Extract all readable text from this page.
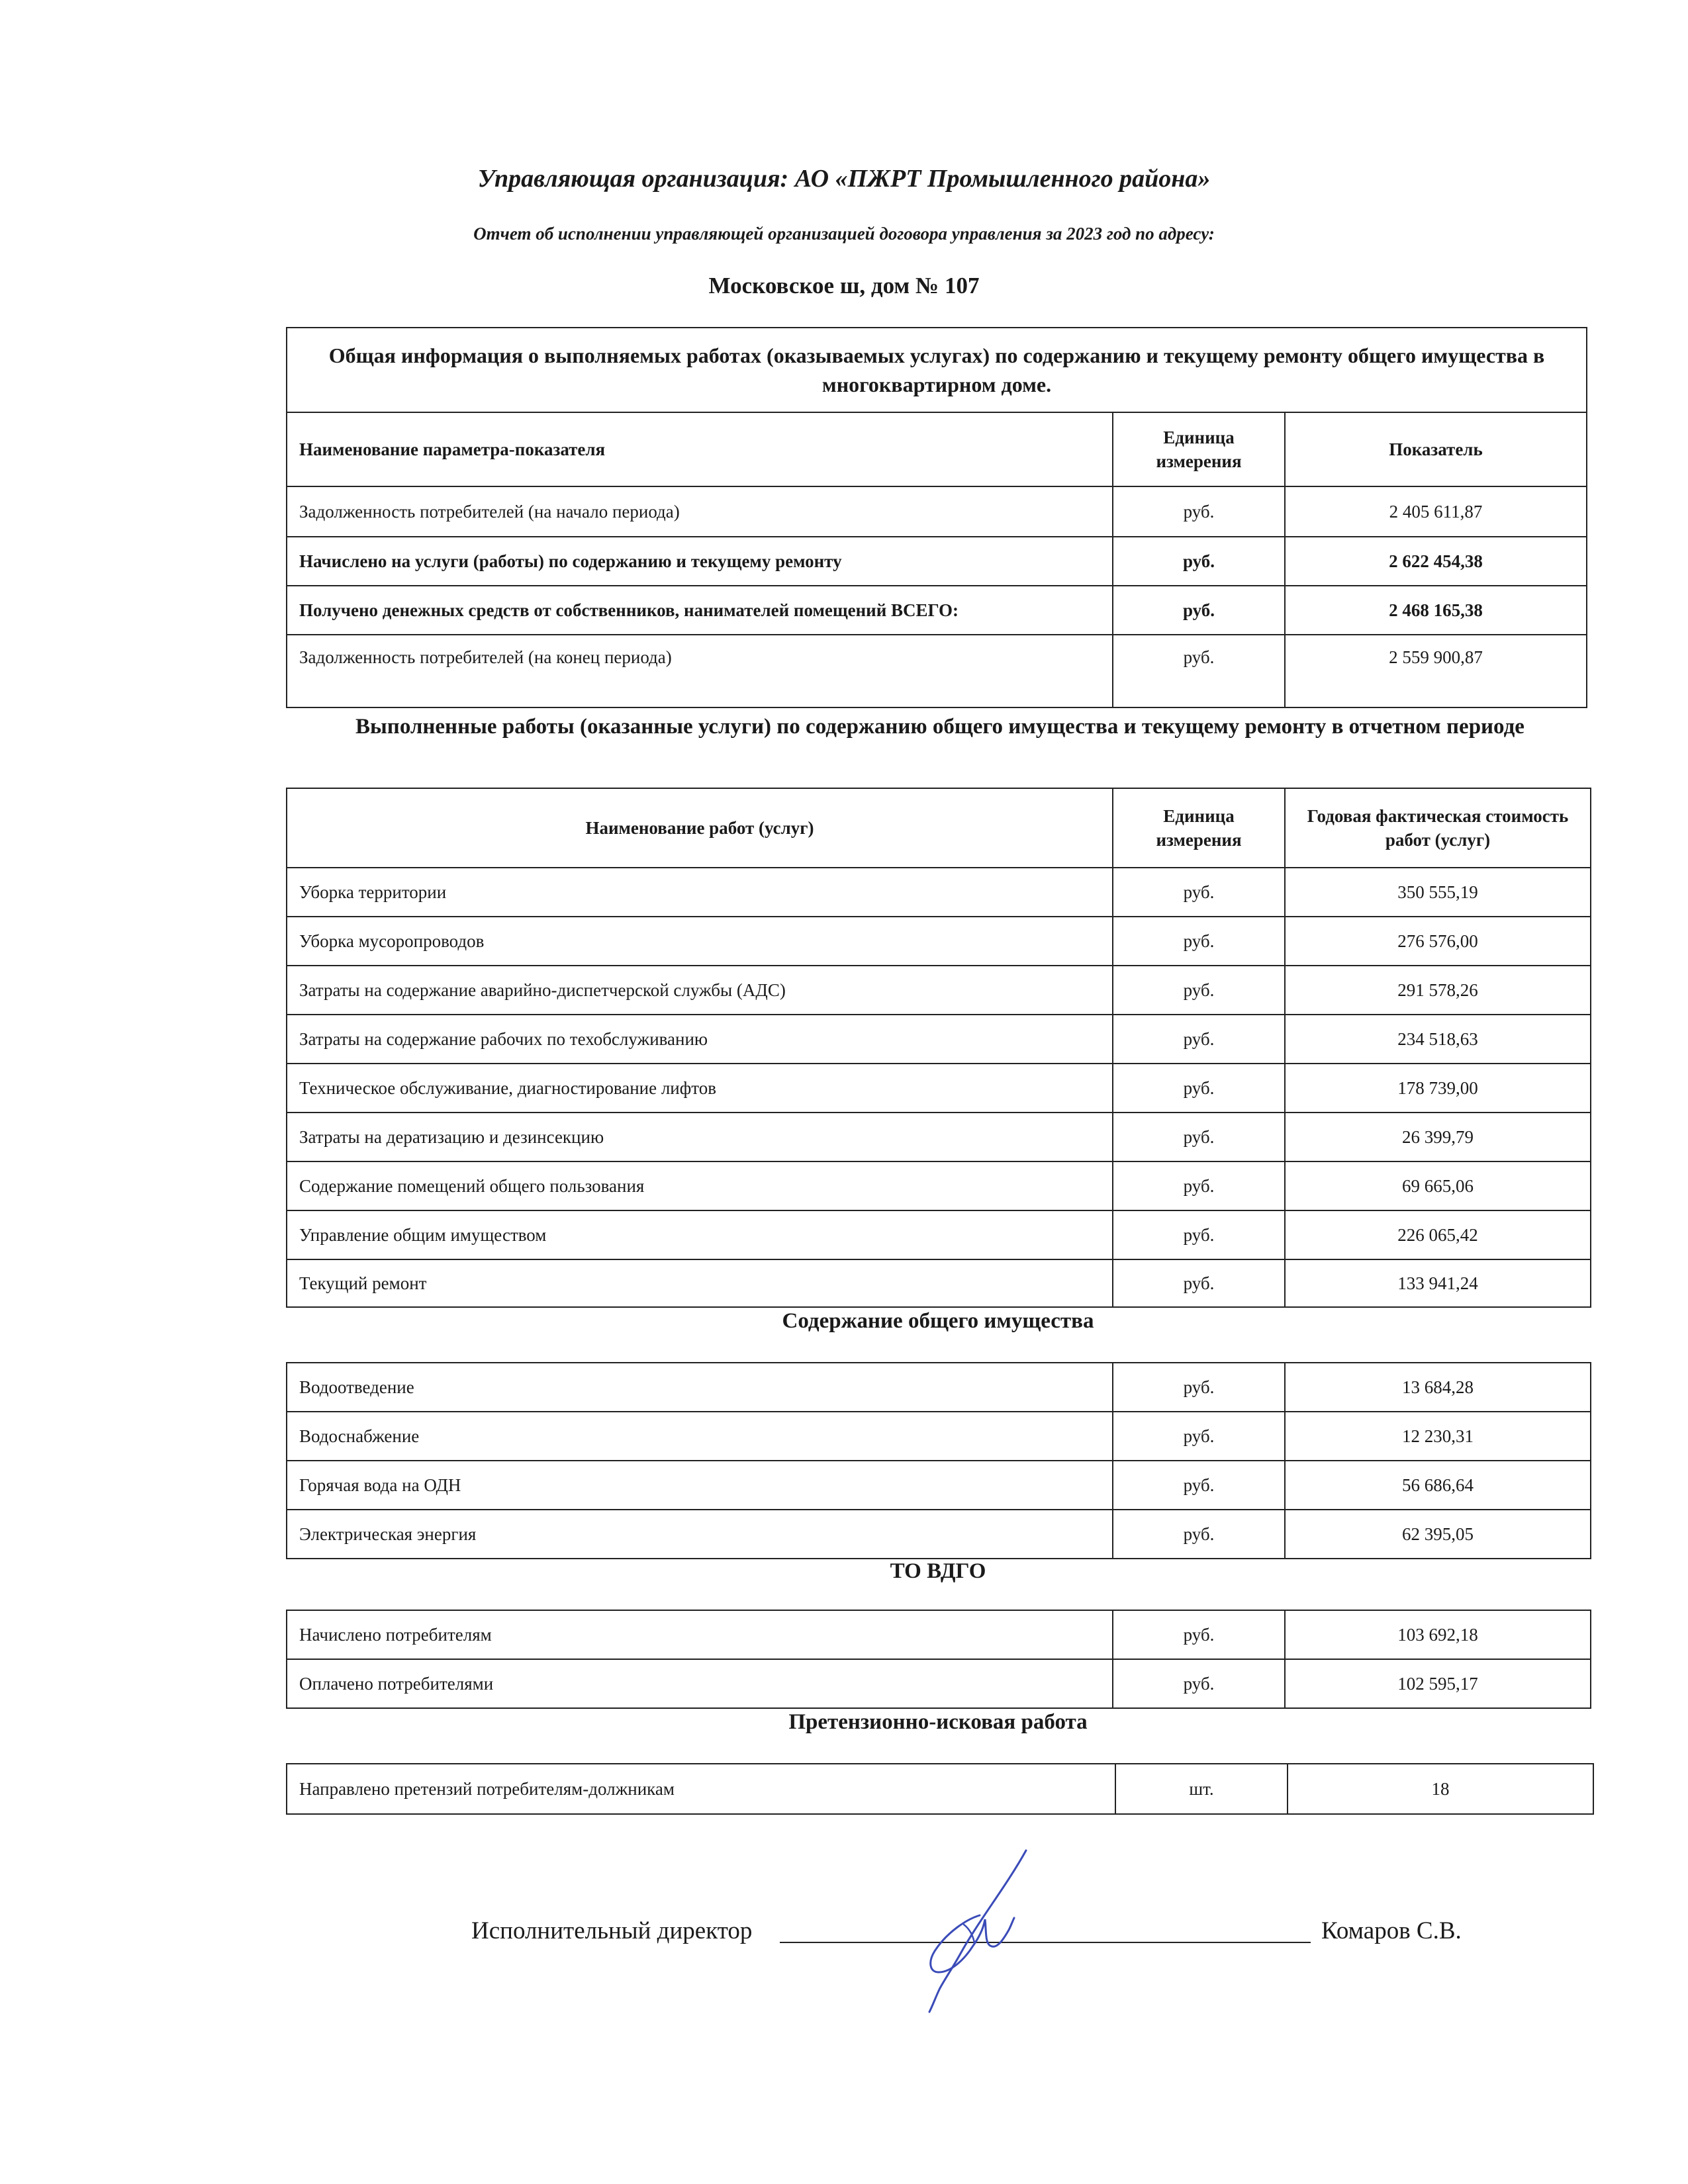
Управляющая организация: АО «ПЖРТ Промышленного района»
Отчет об исполнении управляющей организацией договора управления за 2023 год по адресу:
Московское ш, дом № 107
Общая информация о выполняемых работах (оказываемых услугах) по содержанию и текущему ремонту общего имущества в многоквартирном доме.		
Наименование параметра-показателя	Единица измерения	Показатель
Задолженность потребителей (на начало периода)	руб.	2 405 611,87
Начислено на услуги (работы) по содержанию и текущему ремонту	руб.	2 622 454,38
Получено денежных средств от собственников, нанимателей помещений ВСЕГО:	руб.	2 468 165,38
Задолженность потребителей (на конец периода)	руб.	2 559 900,87
Выполненные работы (оказанные услуги) по содержанию общего имущества и текущему ремонту в отчетном периоде
Наименование работ (услуг)	Единица измерения	Годовая фактическая стоимость работ (услуг)
Уборка территории	руб.	350 555,19
Уборка мусоропроводов	руб.	276 576,00
Затраты на содержание аварийно-диспетчерской службы (АДС)	руб.	291 578,26
Затраты на содержание рабочих по техобслуживанию	руб.	234 518,63
Техническое обслуживание, диагностирование лифтов	руб.	178 739,00
Затраты на дератизацию и дезинсекцию	руб.	26 399,79
Содержание помещений общего пользования	руб.	69 665,06
Управление общим имуществом	руб.	226 065,42
Текущий ремонт	руб.	133 941,24
Содержание общего имущества
Водоотведение	руб.	13 684,28
Водоснабжение	руб.	12 230,31
Горячая вода на ОДН	руб.	56 686,64
Электрическая энергия	руб.	62 395,05
ТО ВДГО
Начислено потребителям	руб.	103 692,18
Оплачено потребителями	руб.	102 595,17
Претензионно-исковая работа
Направлено претензий потребителям-должникам	шт.	18
Исполнительный директор	Комаров С.В.
